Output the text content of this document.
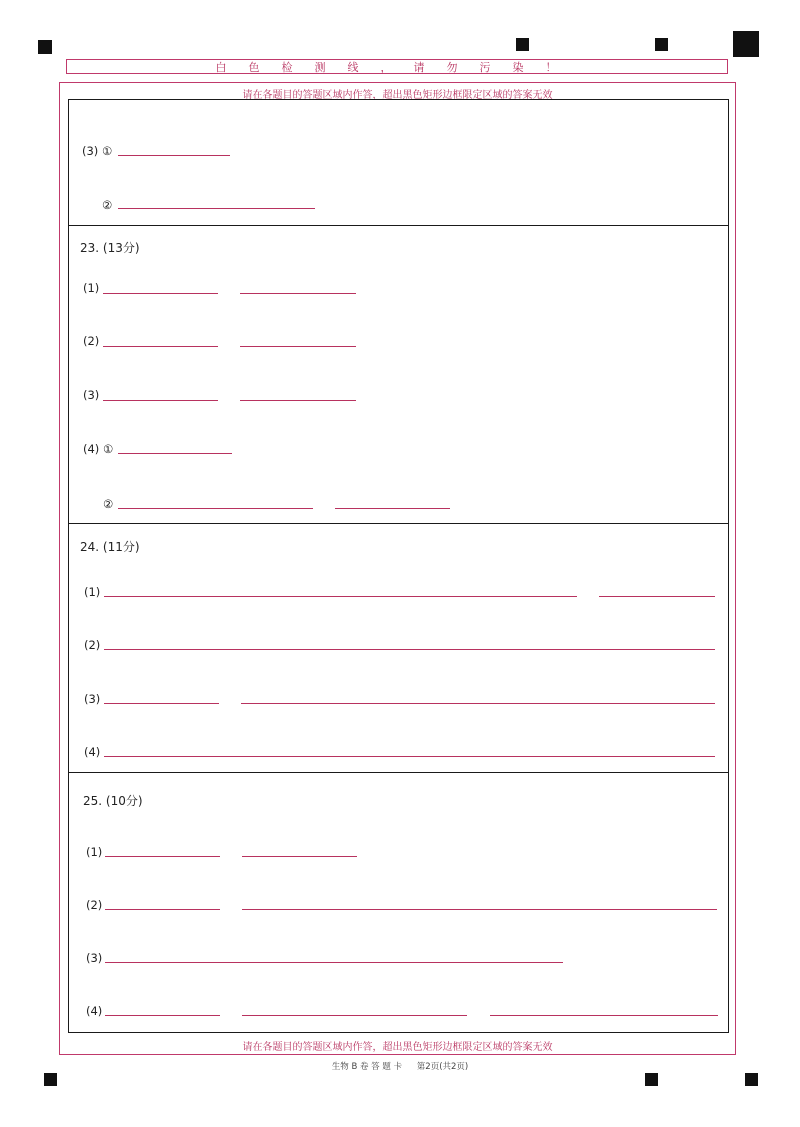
白 色 检 测 线 ， 请 勿 污 染 ！
请在各题目的答题区域内作答，超出黑色矩形边框限定区域的答案无效
请在各题目的答题区域内作答，超出黑色矩形边框限定区域的答案无效
(3) ①
②
23. (13分)
(1)
(2)
(3)
(4) ①
②
24. (11分)
(1)
(2)
(3)
(4)
25. (10分)
(1)
(2)
(3)
(4)
生物 B 卷 答 题 卡 第2页(共2页)
